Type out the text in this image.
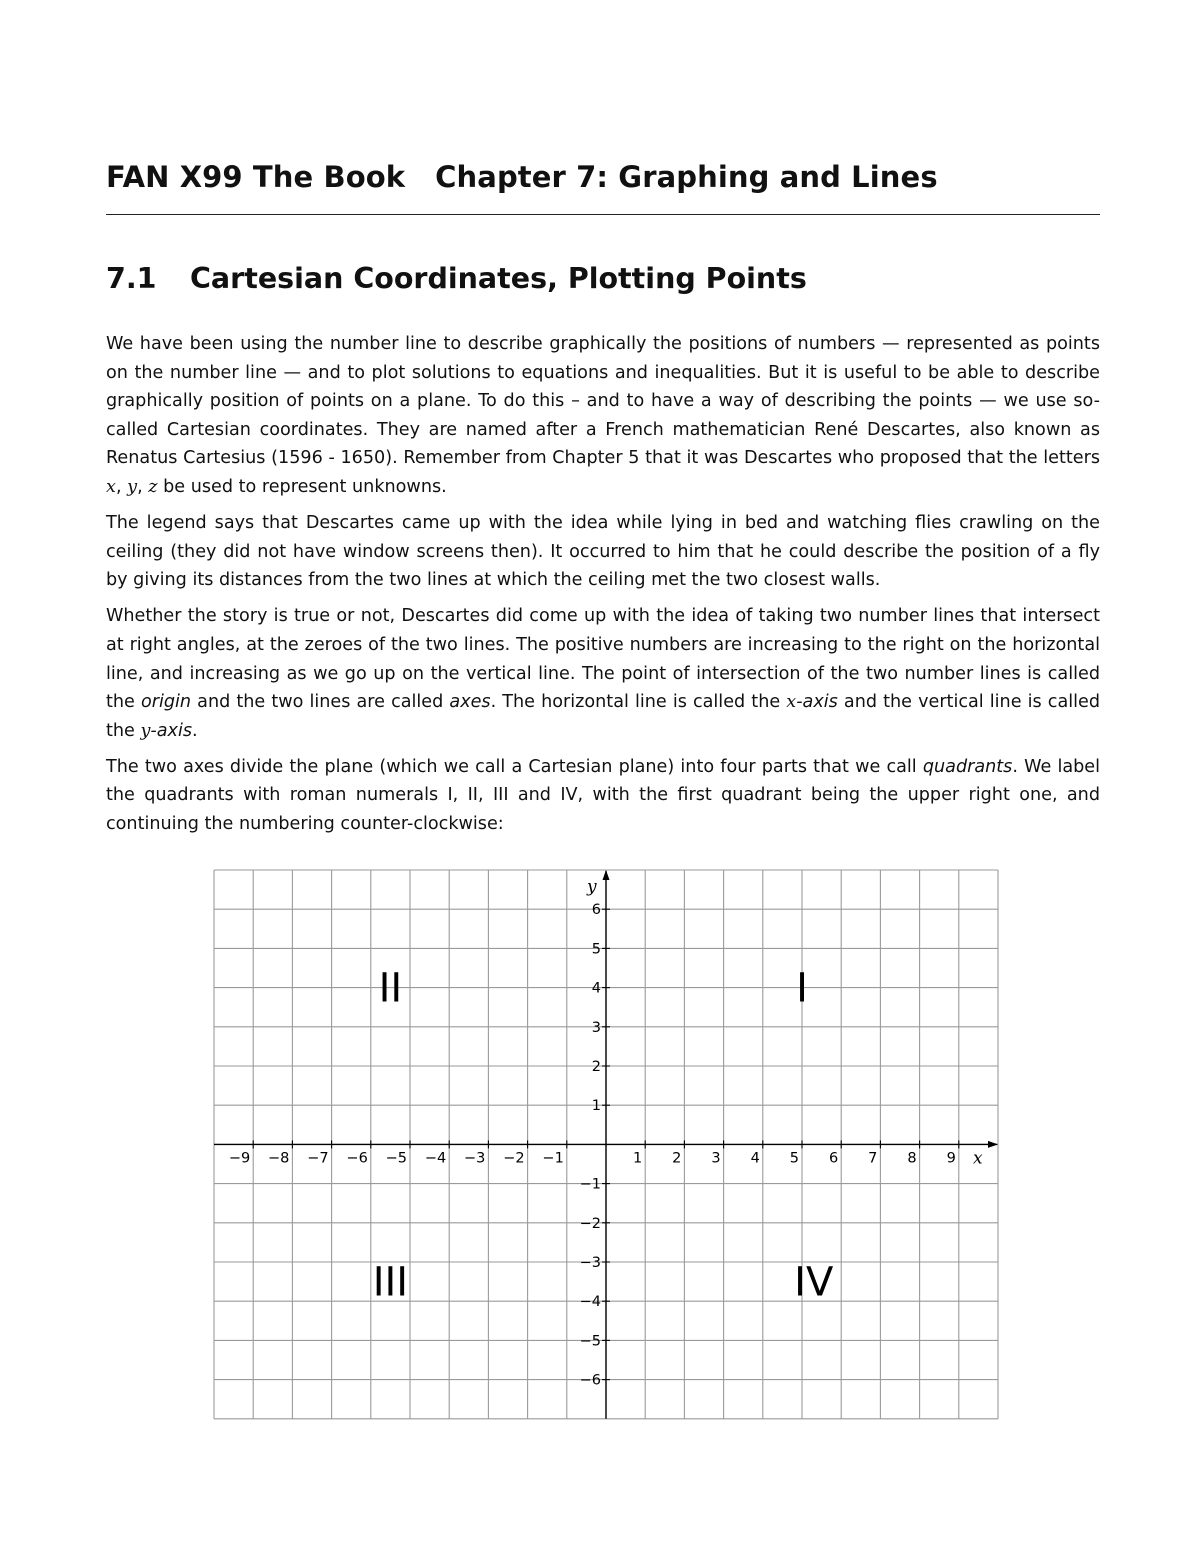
FAN X99 The Book Chapter 7: Graphing and Lines
7.1 Cartesian Coordinates, Plotting Points

We have been using the number line to describe graphically the positions of numbers — represented as points on the number line — and to plot solutions to equations and inequalities. But it is useful to be able to describe graphically position of points on a plane. To do this – and to have a way of describing the points — we use so-called Cartesian coordinates. They are named after a French mathematician René Descartes, also known as Renatus Cartesius (1596 - 1650). Remember from Chapter 5 that it was Descartes who proposed that the letters x, y, z be used to represent unknowns.

The legend says that Descartes came up with the idea while lying in bed and watching flies crawling on the ceiling (they did not have window screens then). It occurred to him that he could describe the position of a fly by giving its distances from the two lines at which the ceiling met the two closest walls.

Whether the story is true or not, Descartes did come up with the idea of taking two number lines that intersect at right angles, at the zeroes of the two lines. The positive numbers are increasing to the right on the horizontal line, and increasing as we go up on the vertical line. The point of intersection of the two number lines is called the origin and the two lines are called axes. The horizontal line is called the x-axis and the vertical line is called the y-axis.

The two axes divide the plane (which we call a Cartesian plane) into four parts that we call quadrants. We label the quadrants with roman numerals I, II, III and IV, with the first quadrant being the upper right one, and continuing the numbering counter-clockwise:

−9 −8 −7 −6 −5 −4 −3 −2 −1	1 2 3 4 5 6 7 8 9
6
5
4
3
2
1
−1
−2
−3
−4
−5
−6
x
y
I
II
III	IV
